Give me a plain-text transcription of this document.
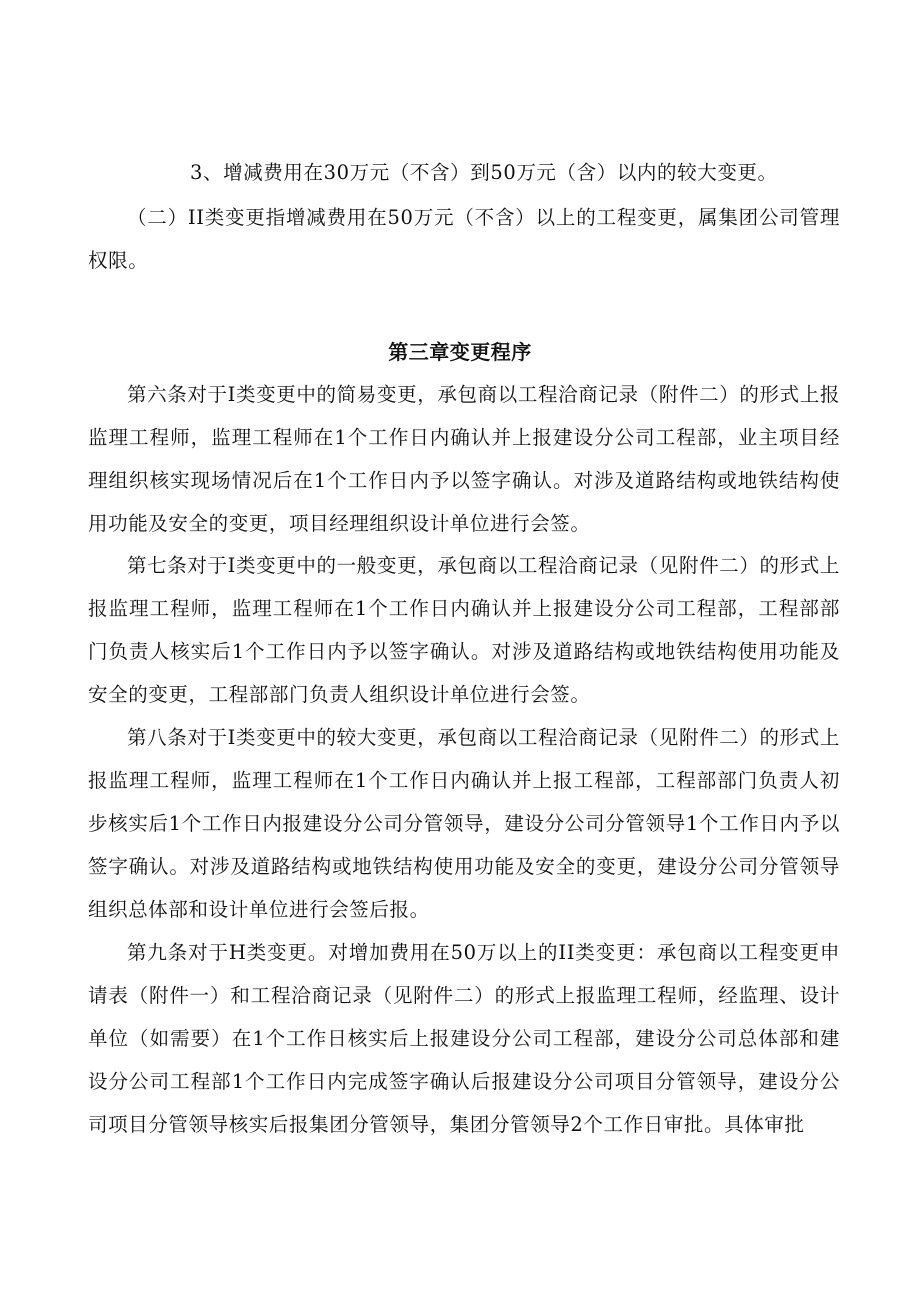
3、增减费用在30万元（不含）到50万元（含）以内的较大变更。

（二）II类变更指增减费用在50万元（不含）以上的工程变更，属集团公司管理权限。

第三章变更程序

第六条对于I类变更中的简易变更，承包商以工程洽商记录（附件二）的形式上报监理工程师，监理工程师在1个工作日内确认并上报建设分公司工程部，业主项目经理组织核实现场情况后在1个工作日内予以签字确认。对涉及道路结构或地铁结构使用功能及安全的变更，项目经理组织设计单位进行会签。

第七条对于I类变更中的一般变更，承包商以工程洽商记录（见附件二）的形式上报监理工程师，监理工程师在1个工作日内确认并上报建设分公司工程部，工程部部门负责人核实后1个工作日内予以签字确认。对涉及道路结构或地铁结构使用功能及安全的变更，工程部部门负责人组织设计单位进行会签。

第八条对于I类变更中的较大变更，承包商以工程洽商记录（见附件二）的形式上报监理工程师，监理工程师在1个工作日内确认并上报工程部，工程部部门负责人初步核实后1个工作日内报建设分公司分管领导，建设分公司分管领导1个工作日内予以签字确认。对涉及道路结构或地铁结构使用功能及安全的变更，建设分公司分管领导组织总体部和设计单位进行会签后报。

第九条对于H类变更。对增加费用在50万以上的II类变更：承包商以工程变更申请表（附件一）和工程洽商记录（见附件二）的形式上报监理工程师，经监理、设计单位（如需要）在1个工作日核实后上报建设分公司工程部，建设分公司总体部和建设分公司工程部1个工作日内完成签字确认后报建设分公司项目分管领导，建设分公司项目分管领导核实后报集团分管领导，集团分管领导2个工作日审批。具体审批
